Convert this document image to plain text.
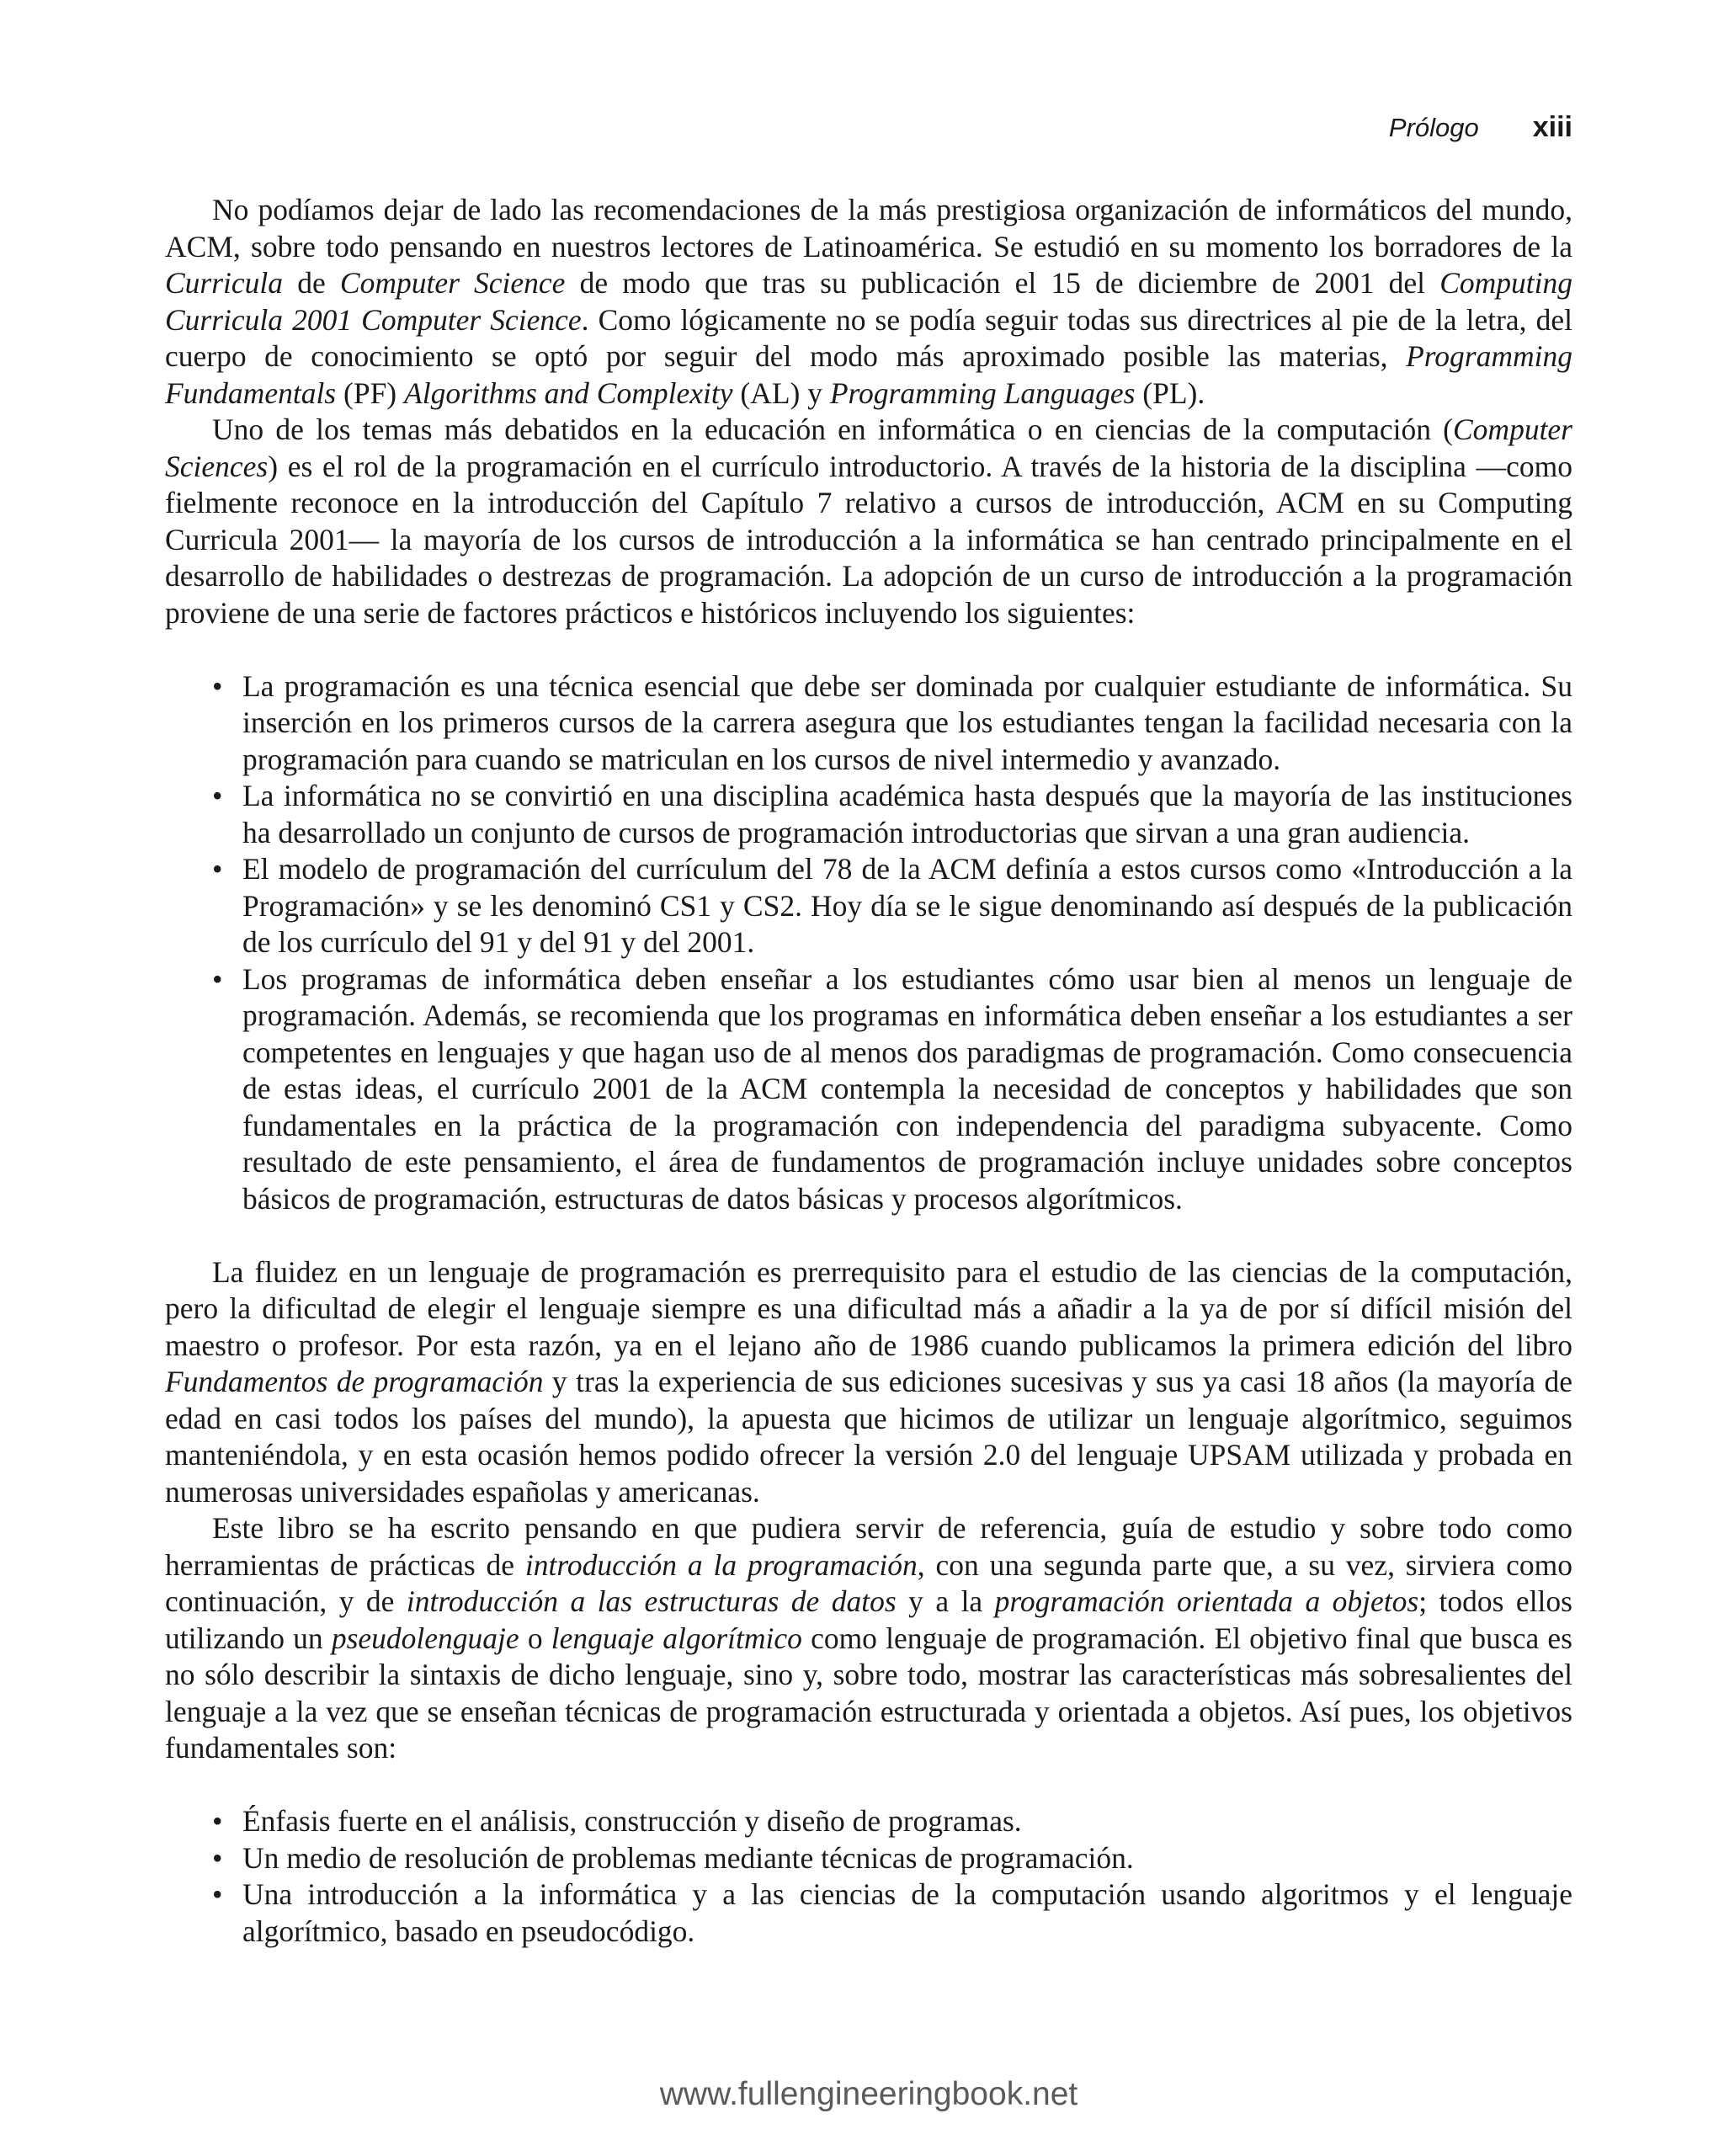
Prólogo xiii

No podíamos dejar de lado las recomendaciones de la más prestigiosa organización de informáticos del mundo, ACM, sobre todo pensando en nuestros lectores de Latinoamérica. Se estudió en su momento los borradores de la Curricula de Computer Science de modo que tras su publicación el 15 de diciembre de 2001 del Computing Curricula 2001 Computer Science. Como lógicamente no se podía seguir todas sus directrices al pie de la letra, del cuerpo de conocimiento se optó por seguir del modo más aproximado posible las materias, Programming Fundamentals (PF) Algorithms and Complexity (AL) y Programming Languages (PL).

Uno de los temas más debatidos en la educación en informática o en ciencias de la computación (Computer Sciences) es el rol de la programación en el currículo introductorio. A través de la historia de la disciplina —como fielmente reconoce en la introducción del Capítulo 7 relativo a cursos de introducción, ACM en su Computing Curricula 2001— la mayoría de los cursos de introducción a la informática se han centrado principalmente en el desarrollo de habilidades o destrezas de programación. La adopción de un curso de introducción a la programación proviene de una serie de factores prácticos e históricos incluyendo los siguientes:

• La programación es una técnica esencial que debe ser dominada por cualquier estudiante de informática. Su inserción en los primeros cursos de la carrera asegura que los estudiantes tengan la facilidad necesaria con la programación para cuando se matriculan en los cursos de nivel intermedio y avanzado.
• La informática no se convirtió en una disciplina académica hasta después que la mayoría de las instituciones ha desarrollado un conjunto de cursos de programación introductorias que sirvan a una gran audiencia.
• El modelo de programación del currículum del 78 de la ACM definía a estos cursos como «Introducción a la Programación» y se les denominó CS1 y CS2. Hoy día se le sigue denominando así después de la publicación de los currículo del 91 y del 91 y del 2001.
• Los programas de informática deben enseñar a los estudiantes cómo usar bien al menos un lenguaje de programación. Además, se recomienda que los programas en informática deben enseñar a los estudiantes a ser competentes en lenguajes y que hagan uso de al menos dos paradigmas de programación. Como consecuencia de estas ideas, el currículo 2001 de la ACM contempla la necesidad de conceptos y habilidades que son fundamentales en la práctica de la programación con independencia del paradigma subyacente. Como resultado de este pensamiento, el área de fundamentos de programación incluye unidades sobre conceptos básicos de programación, estructuras de datos básicas y procesos algorítmicos.

La fluidez en un lenguaje de programación es prerrequisito para el estudio de las ciencias de la computación, pero la dificultad de elegir el lenguaje siempre es una dificultad más a añadir a la ya de por sí difícil misión del maestro o profesor. Por esta razón, ya en el lejano año de 1986 cuando publicamos la primera edición del libro Fundamentos de programación y tras la experiencia de sus ediciones sucesivas y sus ya casi 18 años (la mayoría de edad en casi todos los países del mundo), la apuesta que hicimos de utilizar un lenguaje algorítmico, seguimos manteniéndola, y en esta ocasión hemos podido ofrecer la versión 2.0 del lenguaje UPSAM utilizada y probada en numerosas universidades españolas y americanas.

Este libro se ha escrito pensando en que pudiera servir de referencia, guía de estudio y sobre todo como herramientas de prácticas de introducción a la programación, con una segunda parte que, a su vez, sirviera como continuación, y de introducción a las estructuras de datos y a la programación orientada a objetos; todos ellos utilizando un pseudolenguaje o lenguaje algorítmico como lenguaje de programación. El objetivo final que busca es no sólo describir la sintaxis de dicho lenguaje, sino y, sobre todo, mostrar las características más sobresalientes del lenguaje a la vez que se enseñan técnicas de programación estructurada y orientada a objetos. Así pues, los objetivos fundamentales son:

• Énfasis fuerte en el análisis, construcción y diseño de programas.
• Un medio de resolución de problemas mediante técnicas de programación.
• Una introducción a la informática y a las ciencias de la computación usando algoritmos y el lenguaje algorítmico, basado en pseudocódigo.
www.fullengineeringbook.net
